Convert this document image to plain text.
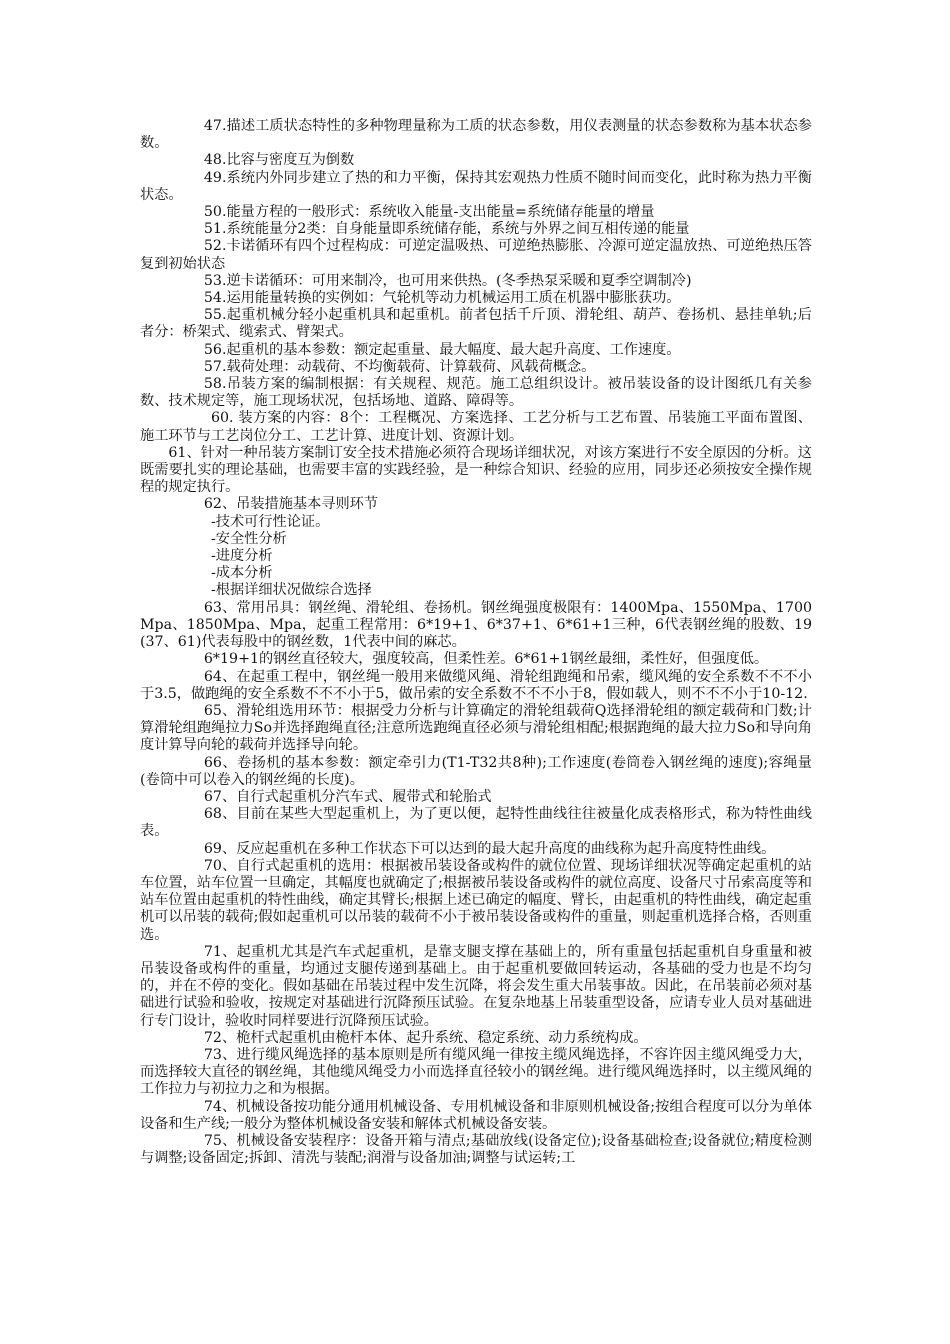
47.描述工质状态特性的多种物理量称为工质的状态参数，用仪表测量的状态参数称为基本状态参数。

48.比容与密度互为倒数

49.系统内外同步建立了热的和力平衡，保持其宏观热力性质不随时间而变化，此时称为热力平衡状态。

50.能量方程的一般形式：系统收入能量-支出能量=系统储存能量的增量

51.系统能量分2类：自身能量即系统储存能，系统与外界之间互相传递的能量

52.卡诺循环有四个过程构成：可逆定温吸热、可逆绝热膨胀、冷源可逆定温放热、可逆绝热压答复到初始状态

53.逆卡诺循环：可用来制冷，也可用来供热。(冬季热泵采暖和夏季空调制冷)

54.运用能量转换的实例如：气轮机等动力机械运用工质在机器中膨胀获功。

55.起重机械分轻小起重机具和起重机。前者包括千斤顶、滑轮组、葫芦、卷扬机、悬挂单轨;后者分：桥架式、缆索式、臂架式。

56.起重机的基本参数：额定起重量、最大幅度、最大起升高度、工作速度。

57.载荷处理：动载荷、不均衡载荷、计算载荷、风载荷概念。

58.吊装方案的编制根据：有关规程、规范。施工总组织设计。被吊装设备的设计图纸几有关参数、技术规定等，施工现场状况，包括场地、道路、障碍等。

60. 装方案的内容：8个：工程概况、方案选择、工艺分析与工艺布置、吊装施工平面布置图、施工环节与工艺岗位分工、工艺计算、进度计划、资源计划。

61、针对一种吊装方案制订安全技术措施必须符合现场详细状况，对该方案进行不安全原因的分析。这既需要扎实的理论基础，也需要丰富的实践经验，是一种综合知识、经验的应用，同步还必须按安全操作规程的规定执行。

62、吊装措施基本寻则环节

-技术可行性论证。

-安全性分析

-进度分析

-成本分析

-根据详细状况做综合选择

63、常用吊具：钢丝绳、滑轮组、卷扬机。钢丝绳强度极限有：1400Mpa、1550Mpa、1700Mpa、1850Mpa、Mpa，起重工程常用：6*19+1、6*37+1、6*61+1三种，6代表钢丝绳的股数、19(37、61)代表每股中的钢丝数，1代表中间的麻芯。

6*19+1的钢丝直径较大，强度较高，但柔性差。6*61+1钢丝最细，柔性好，但强度低。

64、在起重工程中，钢丝绳一般用来做缆风绳、滑轮组跑绳和吊索，缆风绳的安全系数不不不小于3.5，做跑绳的安全系数不不不小于5，做吊索的安全系数不不不小于8，假如载人，则不不不小于10-12.

65、滑轮组选用环节：根据受力分析与计算确定的滑轮组载荷Q选择滑轮组的额定载荷和门数;计算滑轮组跑绳拉力So并选择跑绳直径;注意所选跑绳直径必须与滑轮组相配;根据跑绳的最大拉力So和导向角度计算导向轮的载荷并选择导向轮。

66、卷扬机的基本参数：额定牵引力(T1-T32共8种);工作速度(卷筒卷入钢丝绳的速度);容绳量(卷筒中可以卷入的钢丝绳的长度)。

67、自行式起重机分汽车式、履带式和轮胎式

68、目前在某些大型起重机上，为了更以便，起特性曲线往往被量化成表格形式，称为特性曲线表。

69、反应起重机在多种工作状态下可以达到的最大起升高度的曲线称为起升高度特性曲线。

70、自行式起重机的选用：根据被吊装设备或构件的就位位置、现场详细状况等确定起重机的站车位置，站车位置一旦确定，其幅度也就确定了;根据被吊装设备或构件的就位高度、设备尺寸吊索高度等和站车位置由起重机的特性曲线，确定其臂长;根据上述已确定的幅度、臂长，由起重机的特性曲线，确定起重机可以吊装的载荷;假如起重机可以吊装的载荷不小于被吊装设备或构件的重量，则起重机选择合格，否则重选。

71、起重机尤其是汽车式起重机，是靠支腿支撑在基础上的，所有重量包括起重机自身重量和被吊装设备或构件的重量，均通过支腿传递到基础上。由于起重机要做回转运动，各基础的受力也是不均匀的，并在不停的变化。假如基础在吊装过程中发生沉降，将会发生重大吊装事故。因此，在吊装前必须对基础进行试验和验收，按规定对基础进行沉降预压试验。在复杂地基上吊装重型设备，应请专业人员对基础进行专门设计，验收时同样要进行沉降预压试验。

72、桅杆式起重机由桅杆本体、起升系统、稳定系统、动力系统构成。

73、进行缆风绳选择的基本原则是所有缆风绳一律按主缆风绳选择，不容许因主缆风绳受力大，而选择较大直径的钢丝绳，其他缆风绳受力小而选择直径较小的钢丝绳。进行缆风绳选择时，以主缆风绳的工作拉力与初拉力之和为根据。

74、机械设备按功能分通用机械设备、专用机械设备和非原则机械设备;按组合程度可以分为单体设备和生产线;一般分为整体机械设备安装和解体式机械设备安装。

75、机械设备安装程序：设备开箱与清点;基础放线(设备定位);设备基础检查;设备就位;精度检测与调整;设备固定;拆卸、清洗与装配;润滑与设备加油;调整与试运转;工
